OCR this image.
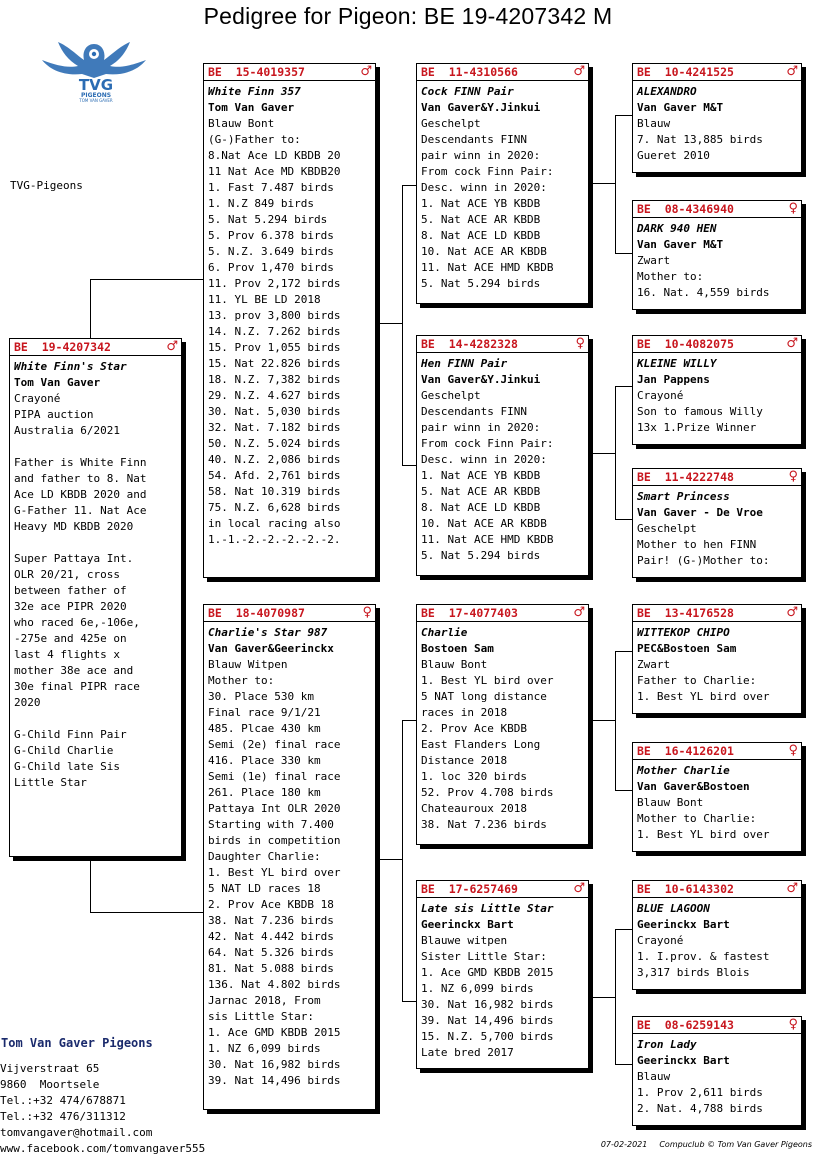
Pedigree for Pigeon: BE 19-4207342 M
TVG
PIGEONS
TOM VAN GAVER
TVG-Pigeons
BE  19-4207342	♂
White Finn's Star
Tom Van Gaver
Crayoné
PIPA auction
Australia 6/2021
Father is White Finn
and father to 8. Nat
Ace LD KBDB 2020 and
G-Father 11. Nat Ace
Heavy MD KBDB 2020
Super Pattaya Int.
OLR 20/21, cross
between father of
32e ace PIPR 2020
who raced 6e,-106e,
-275e and 425e on
last 4 flights x
mother 38e ace and
30e final PIPR race
2020
G-Child Finn Pair
G-Child Charlie
G-Child late Sis
Little Star
BE  15-4019357	♂
White Finn 357
Tom Van Gaver
Blauw Bont
(G-)Father to:
8.Nat Ace LD KBDB 20
11 Nat Ace MD KBDB20
1. Fast 7.487 birds
1. N.Z 849 birds
5. Nat 5.294 birds
5. Prov 6.378 birds
5. N.Z. 3.649 birds
6. Prov 1,470 birds
11. Prov 2,172 birds
11. YL BE LD 2018
13. prov 3,800 birds
14. N.Z. 7.262 birds
15. Prov 1,055 birds
15. Nat 22.826 birds
18. N.Z. 7,382 birds
29. N.Z. 4.627 birds
30. Nat. 5,030 birds
32. Nat. 7.182 birds
50. N.Z. 5.024 birds
40. N.Z. 2,086 birds
54. Afd. 2,761 birds
58. Nat 10.319 birds
75. N.Z. 6,628 birds
in local racing also
1.-1.-2.-2.-2.-2.-2.
BE  18-4070987	♀
Charlie's Star 987
Van Gaver&Geerinckx
Blauw Witpen
Mother to:
30. Place 530 km
Final race 9/1/21
485. Plcae 430 km
Semi (2e) final race
416. Place 330 km
Semi (1e) final race
261. Place 180 km
Pattaya Int OLR 2020
Starting with 7.400
birds in competition
Daughter Charlie:
1. Best YL bird over
5 NAT LD races 18
2. Prov Ace KBDB 18
38. Nat 7.236 birds
42. Nat 4.442 birds
64. Nat 5.326 birds
81. Nat 5.088 birds
136. Nat 4.802 birds
Jarnac 2018, From
sis Little Star:
1. Ace GMD KBDB 2015
1. NZ 6,099 birds
30. Nat 16,982 birds
39. Nat 14,496 birds
BE  11-4310566	♂
Cock FINN Pair
Van Gaver&Y.Jinkui
Geschelpt
Descendants FINN
pair winn in 2020:
From cock Finn Pair:
Desc. winn in 2020:
1. Nat ACE YB KBDB
5. Nat ACE AR KBDB
8. Nat ACE LD KBDB
10. Nat ACE AR KBDB
11. Nat ACE HMD KBDB
5. Nat 5.294 birds
BE  14-4282328	♀
Hen FINN Pair
Van Gaver&Y.Jinkui
Geschelpt
Descendants FINN
pair winn in 2020:
From cock Finn Pair:
Desc. winn in 2020:
1. Nat ACE YB KBDB
5. Nat ACE AR KBDB
8. Nat ACE LD KBDB
10. Nat ACE AR KBDB
11. Nat ACE HMD KBDB
5. Nat 5.294 birds
BE  17-4077403	♂
Charlie
Bostoen Sam
Blauw Bont
1. Best YL bird over
5 NAT long distance
races in 2018
2. Prov Ace KBDB
East Flanders Long
Distance 2018
1. loc 320 birds
52. Prov 4.708 birds
Chateauroux 2018
38. Nat 7.236 birds
BE  17-6257469	♂
Late sis Little Star
Geerinckx Bart
Blauwe witpen
Sister Little Star:
1. Ace GMD KBDB 2015
1. NZ 6,099 birds
30. Nat 16,982 birds
39. Nat 14,496 birds
15. N.Z. 5,700 birds
Late bred 2017
BE  10-4241525	♂
ALEXANDRO
Van Gaver M&T
Blauw
7. Nat 13,885 birds
Gueret 2010
BE  08-4346940	♀
DARK 940 HEN
Van Gaver M&T
Zwart
Mother to:
16. Nat. 4,559 birds
BE  10-4082075	♂
KLEINE WILLY
Jan Pappens
Crayoné
Son to famous Willy
13x 1.Prize Winner
BE  11-4222748	♀
Smart Princess
Van Gaver - De Vroe
Geschelpt
Mother to hen FINN
Pair! (G-)Mother to:
BE  13-4176528	♂
WITTEKOP CHIPO
PEC&Bostoen Sam
Zwart
Father to Charlie:
1. Best YL bird over
BE  16-4126201	♀
Mother Charlie
Van Gaver&Bostoen
Blauw Bont
Mother to Charlie:
1. Best YL bird over
BE  10-6143302	♂
BLUE LAGOON
Geerinckx Bart
Crayoné
1. I.prov. & fastest
3,317 birds Blois
BE  08-6259143	♀
Iron Lady
Geerinckx Bart
Blauw
1. Prov 2,611 birds
2. Nat. 4,788 birds
Tom Van Gaver Pigeons
Vijverstraat 65
9860  Moortsele
Tel.:+32 474/678871
Tel.:+32 476/311312
tomvangaver@hotmail.com
www.facebook.com/tomvangaver555	07-02-2021 Compuclub © Tom Van Gaver Pigeons
